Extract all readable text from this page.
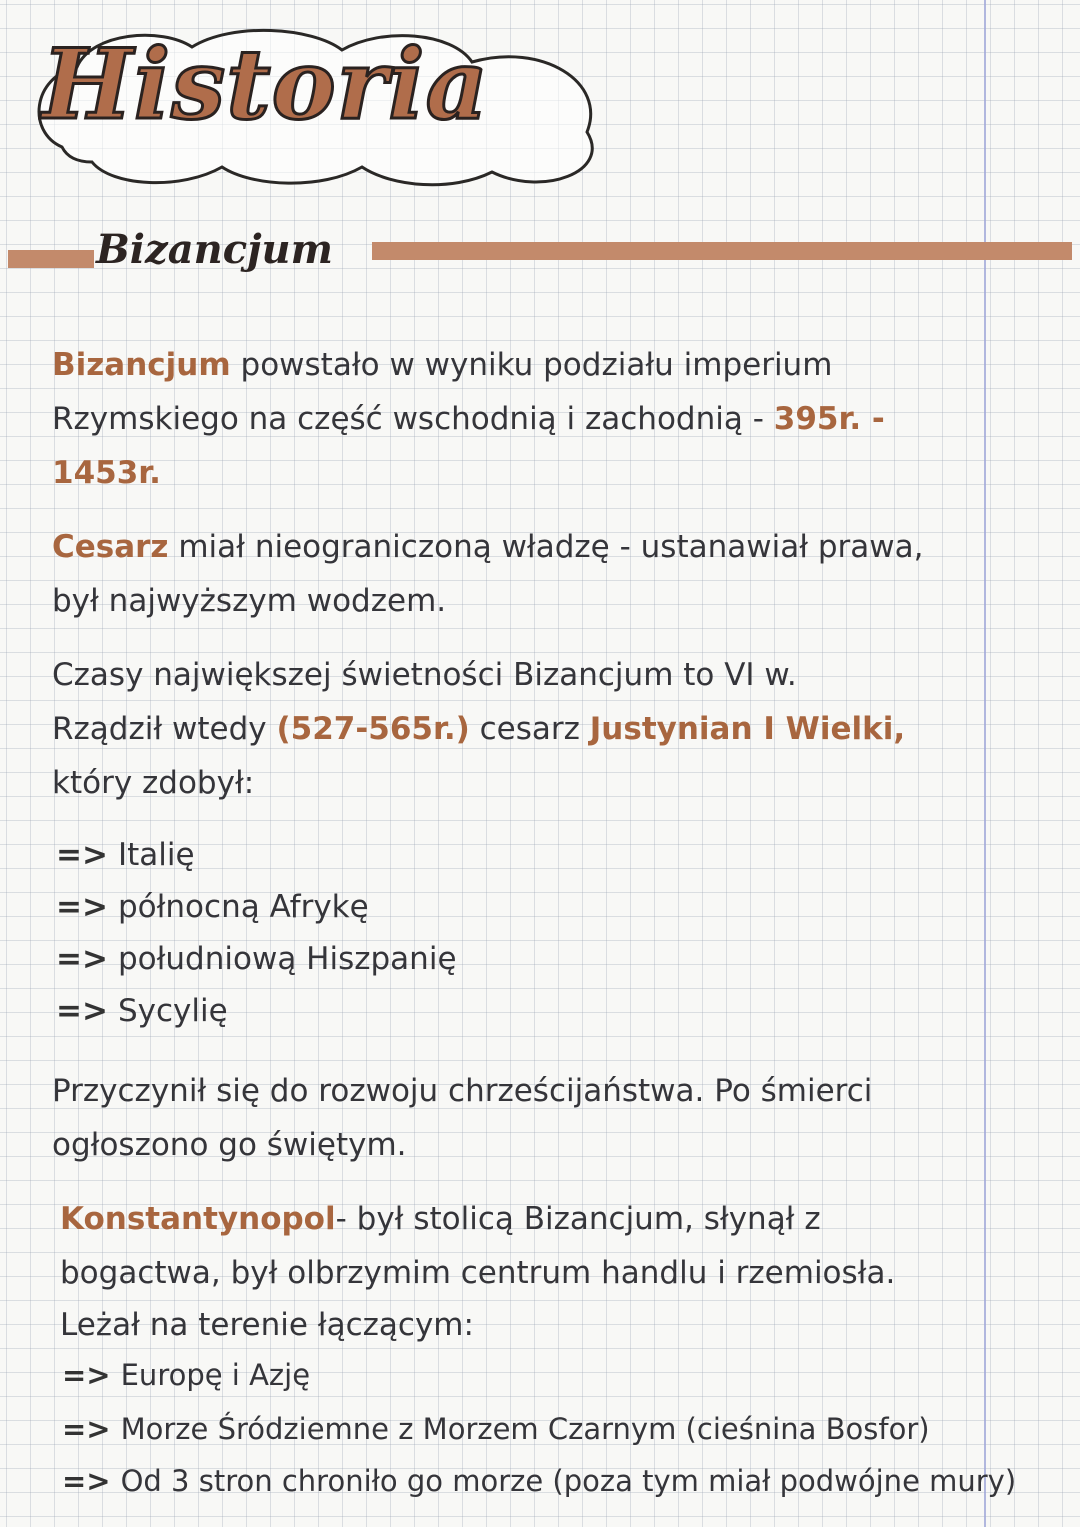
Historia
Bizancjum

Bizancjum powstało w wyniku podziału imperium Rzymskiego na część wschodnią i zachodnią - 395r. - 1453r.

Cesarz miał nieograniczoną władzę - ustanawiał prawa, był najwyższym wodzem.

Czasy największej świetności Bizancjum to VI w.
Rządził wtedy (527-565r.) cesarz Justynian I Wielki,
który zdobył:
=> Italię
=> północną Afrykę
=> południową Hiszpanię
=> Sycylię

Przyczynił się do rozwoju chrześcijaństwa. Po śmierci ogłoszono go świętym.

Konstantynopol- był stolicą Bizancjum, słynął z bogactwa, był olbrzymim centrum handlu i rzemiosła.
Leżał na terenie łączącym:
=> Europę i Azję
=> Morze Śródziemne z Morzem Czarnym (cieśnina Bosfor)
=> Od 3 stron chroniło go morze (poza tym miał podwójne mury)
